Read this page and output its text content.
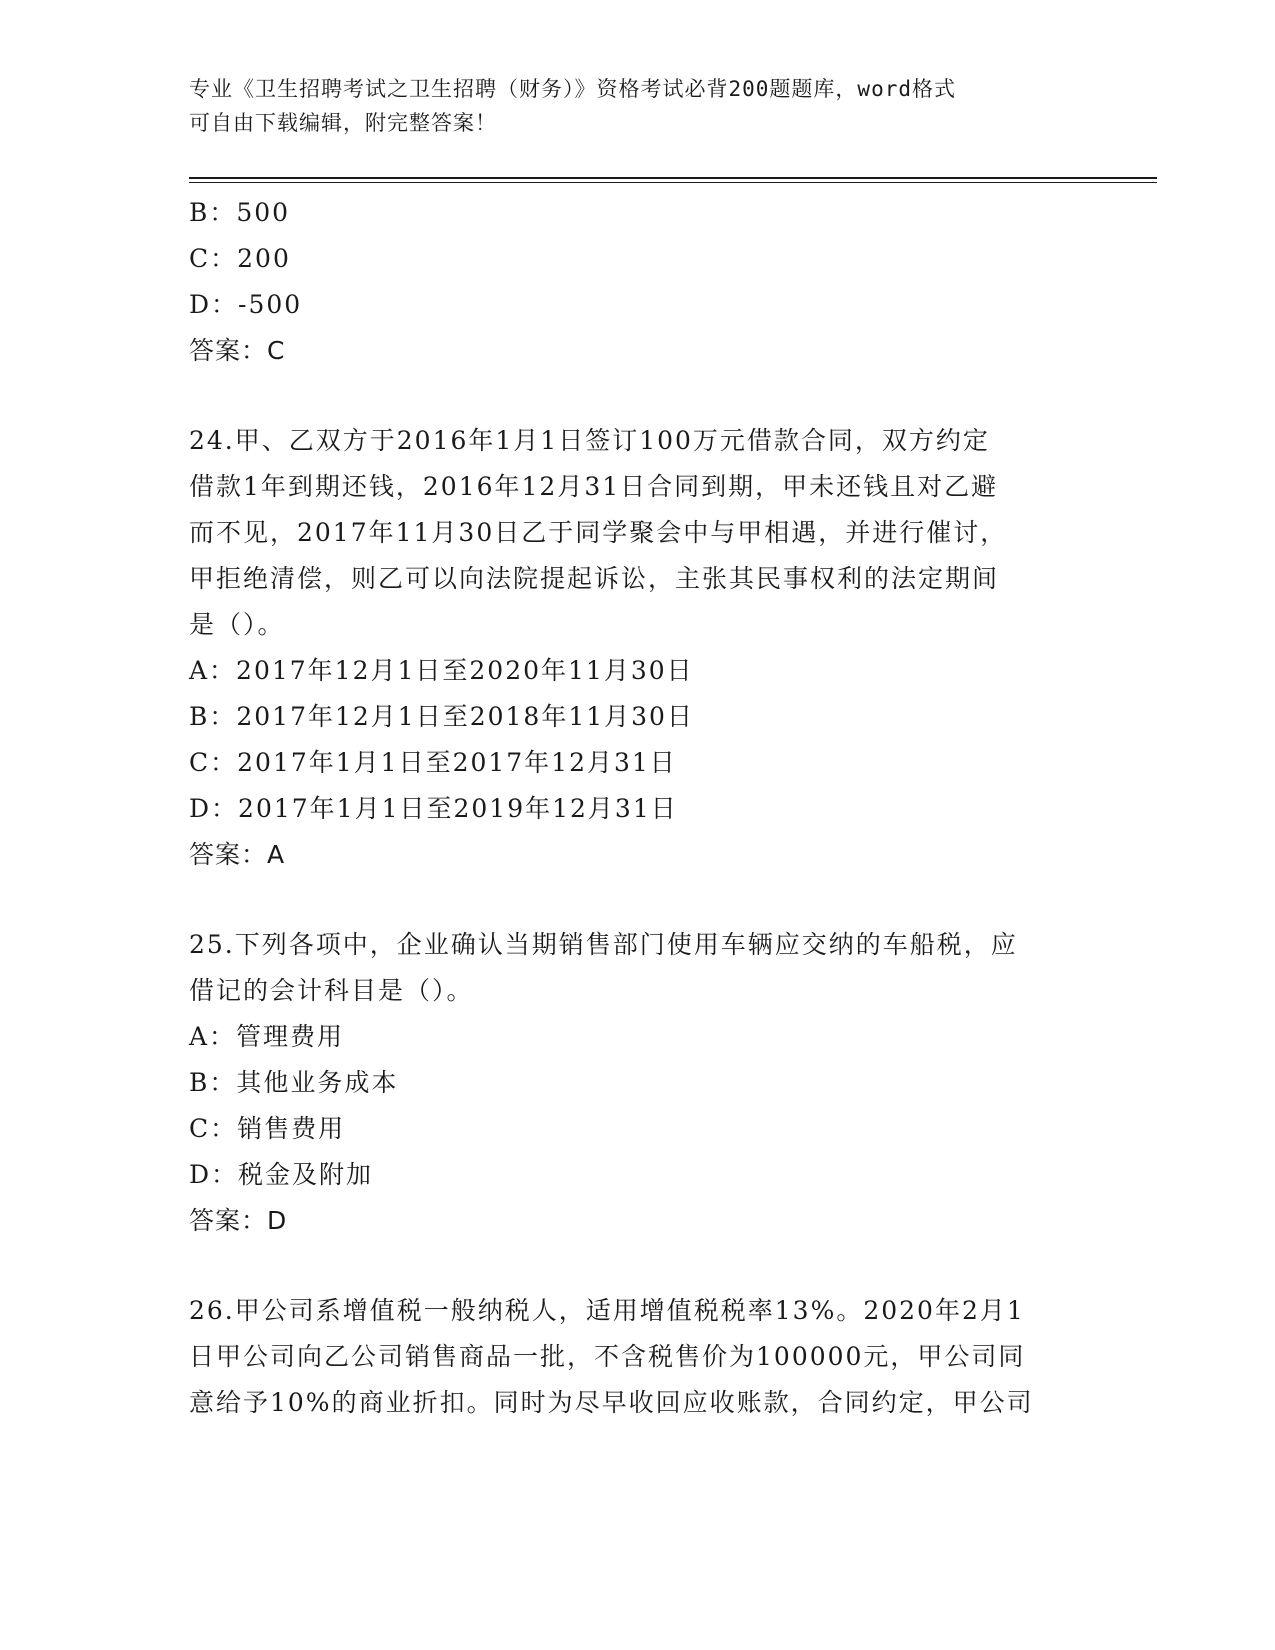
专业《卫生招聘考试之卫生招聘（财务）》资格考试必背200题题库，word格式
可自由下载编辑，附完整答案！
B：500
C：200
D：-500
答案：C
24.甲、乙双方于2016年1月1日签订100万元借款合同，双方约定
借款1年到期还钱，2016年12月31日合同到期，甲未还钱且对乙避
而不见，2017年11月30日乙于同学聚会中与甲相遇，并进行催讨，
甲拒绝清偿，则乙可以向法院提起诉讼，主张其民事权利的法定期间
是（）。
A：2017年12月1日至2020年11月30日
B：2017年12月1日至2018年11月30日
C：2017年1月1日至2017年12月31日
D：2017年1月1日至2019年12月31日
答案：A
25.下列各项中，企业确认当期销售部门使用车辆应交纳的车船税，应
借记的会计科目是（）。
A：管理费用
B：其他业务成本
C：销售费用
D：税金及附加
答案：D
26.甲公司系增值税一般纳税人，适用增值税税率13%。2020年2月1
日甲公司向乙公司销售商品一批，不含税售价为100000元，甲公司同
意给予10%的商业折扣。同时为尽早收回应收账款，合同约定，甲公司
